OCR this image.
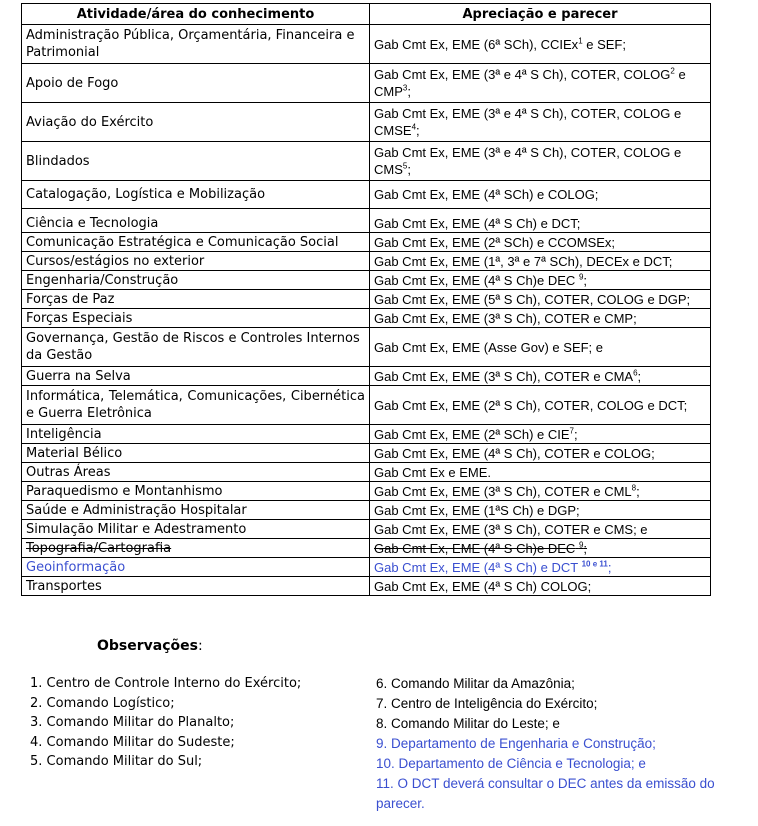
Atividade/área do conhecimento	Apreciação e parecer
Administração Pública, Orçamentária, Financeira e Patrimonial	Gab Cmt Ex, EME (6ª SCh), CCIEx$^1$ e SEF;
Apoio de Fogo	Gab Cmt Ex, EME (3ª e 4ª S Ch), COTER, COLOG$^2$ e CMP$^3$;
Aviação do Exército	Gab Cmt Ex, EME (3ª e 4ª S Ch), COTER, COLOG e CMSE$^4$;
Blindados	Gab Cmt Ex, EME (3ª e 4ª S Ch), COTER, COLOG e CMS$^5$;
Catalogação, Logística e Mobilização	Gab Cmt Ex, EME (4ª SCh) e COLOG;
Ciência e Tecnologia	Gab Cmt Ex, EME (4ª S Ch) e DCT;
Comunicação Estratégica e Comunicação Social	Gab Cmt Ex, EME (2ª SCh) e CCOMSEx;
Cursos/estágios no exterior	Gab Cmt Ex, EME (1ª, 3ª e 7ª SCh), DECEx e DCT;
Engenharia/Construção	Gab Cmt Ex, EME (4ª S Ch)e DEC $^9$;
Forças de Paz	Gab Cmt Ex, EME (5ª S Ch), COTER, COLOG e DGP;
Forças Especiais	Gab Cmt Ex, EME (3ª S Ch), COTER e CMP;
Governança, Gestão de Riscos e Controles Internos da Gestão	Gab Cmt Ex, EME (Asse Gov) e SEF; e
Guerra na Selva	Gab Cmt Ex, EME (3ª S Ch), COTER e CMA$^6$;
Informática, Telemática, Comunicações, Cibernética e Guerra Eletrônica	Gab Cmt Ex, EME (2ª S Ch), COTER, COLOG e DCT;
Inteligência	Gab Cmt Ex, EME (2ª SCh) e CIE$^7$;
Material Bélico	Gab Cmt Ex, EME (4ª S Ch), COTER e COLOG;
Outras Áreas	Gab Cmt Ex e EME.
Paraquedismo e Montanhismo	Gab Cmt Ex, EME (3ª S Ch), COTER e CML$^8$;
Saúde e Administração Hospitalar	Gab Cmt Ex, EME (1ªS Ch) e DGP;
Simulação Militar e Adestramento	Gab Cmt Ex, EME (3ª S Ch), COTER e CMS; e
Topografia/Cartografia	Gab Cmt Ex, EME (4ª S Ch)e DEC $^9$;
Geoinformação	Gab Cmt Ex, EME (4ª S Ch) e DCT $^{10 e 11}$;
Transportes	Gab Cmt Ex, EME (4ª S Ch) COLOG;
Observações:
1. Centro de Controle Interno do Exército;
2. Comando Logístico;
3. Comando Militar do Planalto;
4. Comando Militar do Sudeste;
5. Comando Militar do Sul;
6. Comando Militar da Amazônia;
7. Centro de Inteligência do Exército;
8. Comando Militar do Leste; e
9. Departamento de Engenharia e Construção;
10. Departamento de Ciência e Tecnologia; e
11. O DCT deverá consultar o DEC antes da emissão do parecer.
